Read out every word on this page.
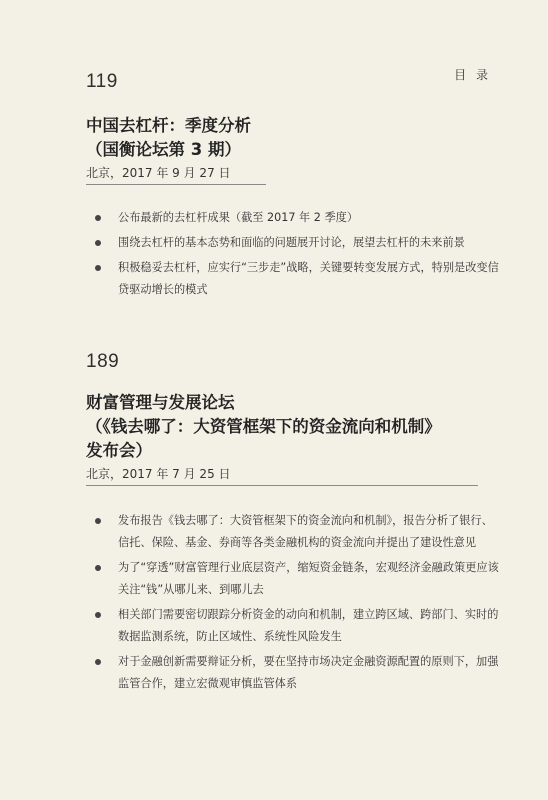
目 录
119
中国去杠杆：季度分析
（国衡论坛第 3 期）
北京，2017 年 9 月 27 日
公布最新的去杠杆成果（截至 2017 年 2 季度）
围绕去杠杆的基本态势和面临的问题展开讨论，展望去杠杆的未来前景
积极稳妥去杠杆，应实行“三步走”战略，关键要转变发展方式，特别是改变信贷驱动增长的模式
189
财富管理与发展论坛
（《钱去哪了：大资管框架下的资金流向和机制》
发布会）
北京，2017 年 7 月 25 日
发布报告《钱去哪了：大资管框架下的资金流向和机制》，报告分析了银行、信托、保险、基金、券商等各类金融机构的资金流向并提出了建设性意见
为了“穿透”财富管理行业底层资产，缩短资金链条，宏观经济金融政策更应该关注“钱”从哪儿来、到哪儿去
相关部门需要密切跟踪分析资金的动向和机制，建立跨区域、跨部门、实时的数据监测系统，防止区域性、系统性风险发生
对于金融创新需要辩证分析，要在坚持市场决定金融资源配置的原则下，加强监管合作，建立宏微观审慎监管体系
